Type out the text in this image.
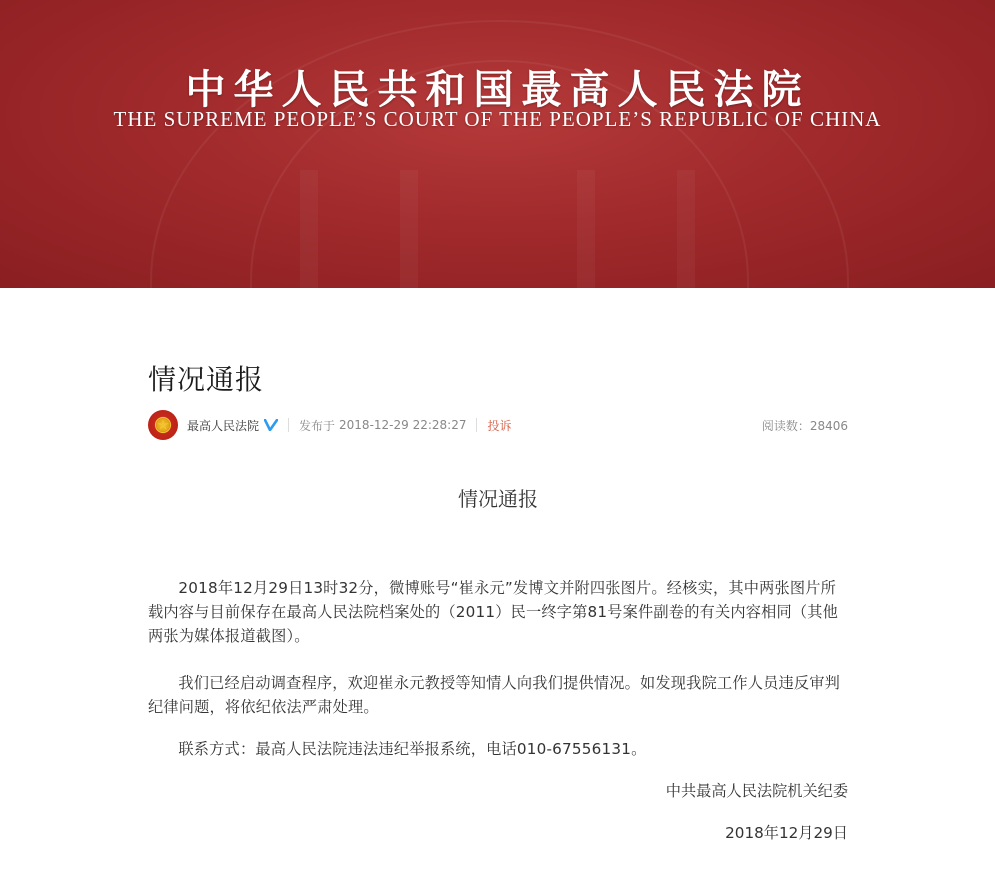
中华人民共和国最高人民法院
THE SUPREME PEOPLE’S COURT OF THE PEOPLE’S REPUBLIC OF CHINA
情况通报
最高人民法院	发布于 2018-12-29 22:28:27 投诉	阅读数：28406
情况通报

2018年12月29日13时32分，微博账号“崔永元”发博文并附四张图片。经核实，其中两张图片所载内容与目前保存在最高人民法院档案处的（2011）民一终字第81号案件副卷的有关内容相同（其他两张为媒体报道截图）。

我们已经启动调查程序，欢迎崔永元教授等知情人向我们提供情况。如发现我院工作人员违反审判纪律问题，将依纪依法严肃处理。

联系方式：最高人民法院违法违纪举报系统，电话010-67556131。

中共最高人民法院机关纪委

2018年12月29日
